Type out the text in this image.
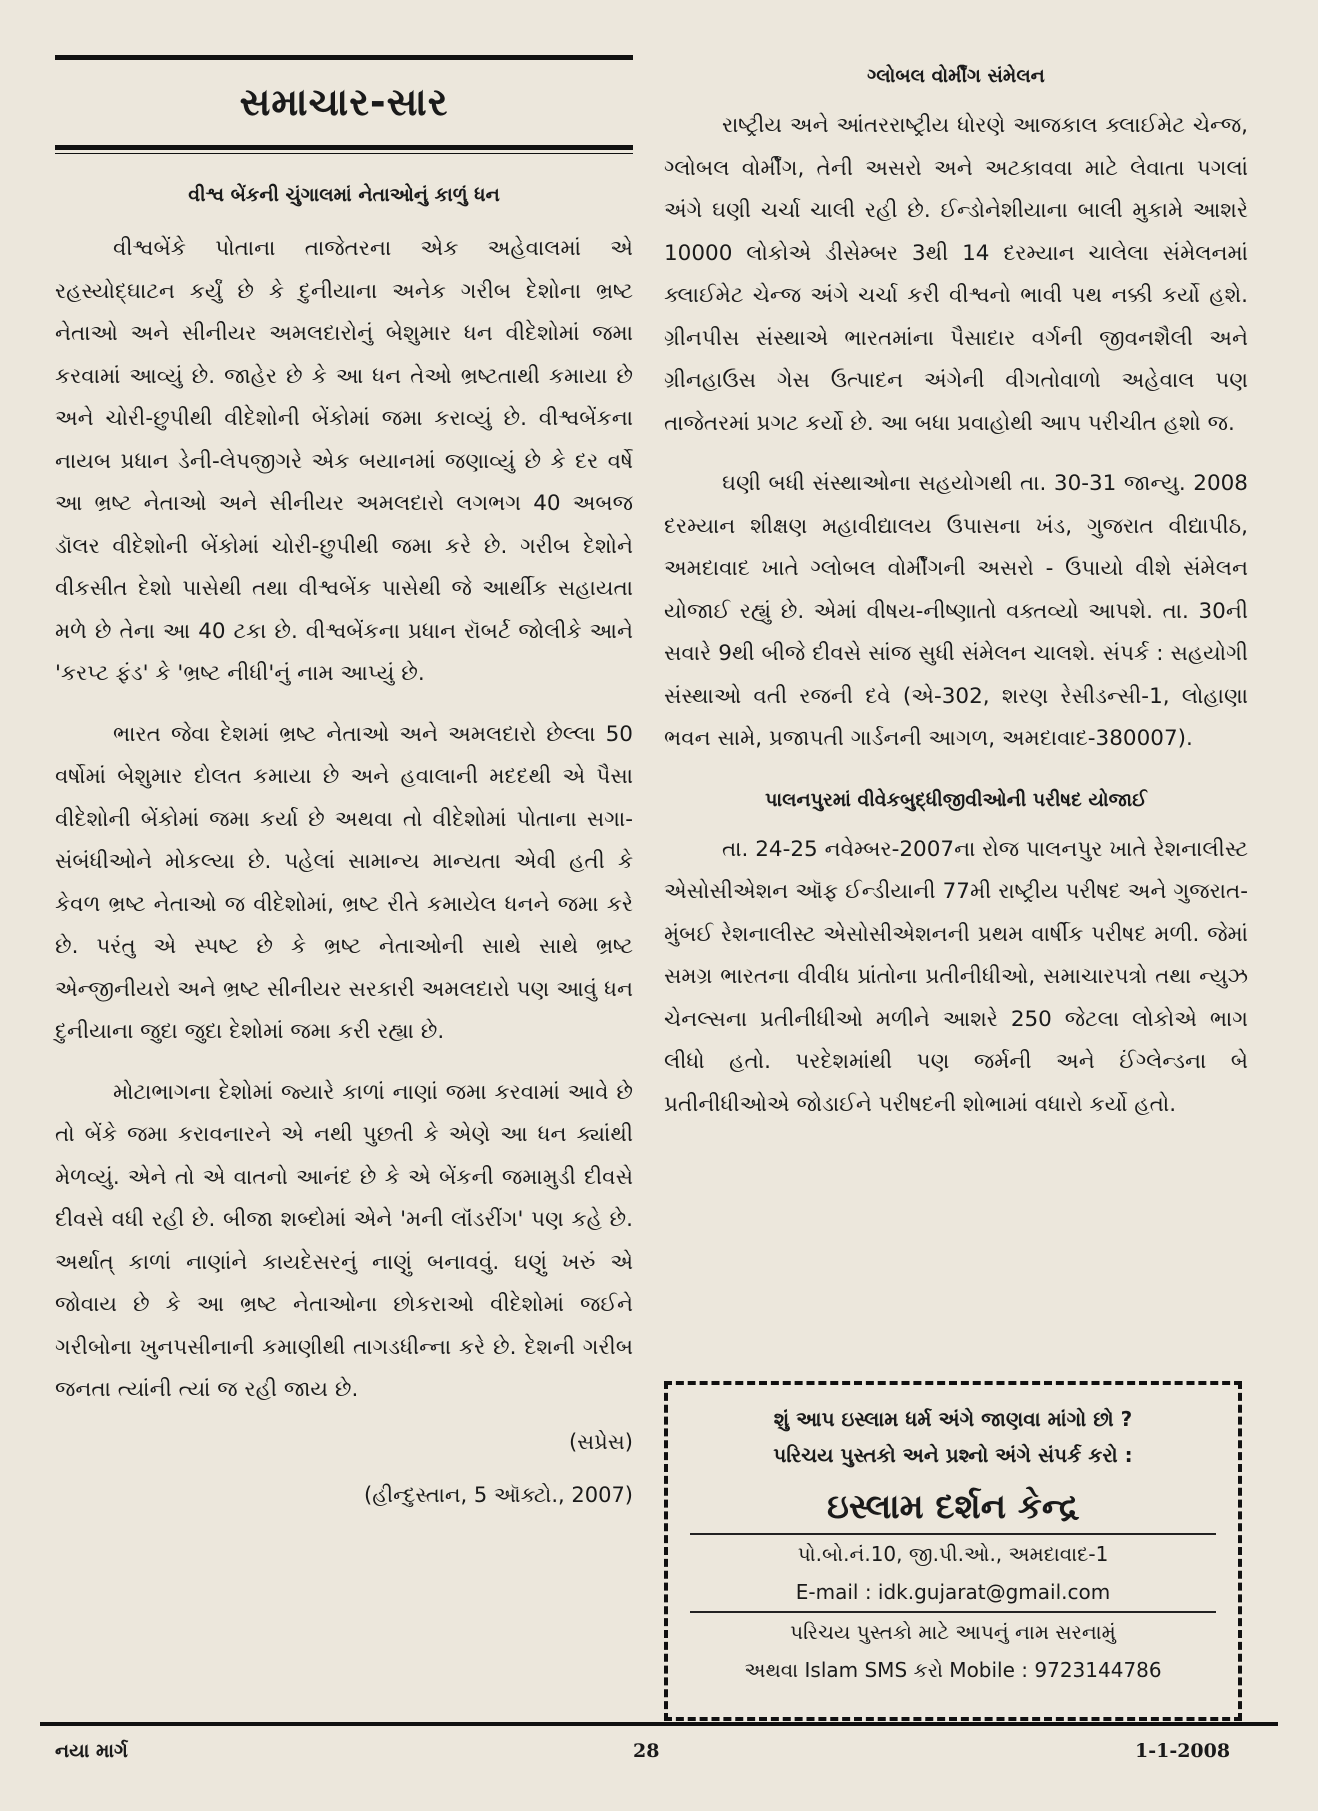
સમાચાર-સાર
વીશ્વ બેંકની ચુંગાલમાં નેતાઓનું કાળું ધન

વીશ્વબેંકે પોતાના તાજેતરના એક અહેવાલમાં એ રહસ્યોદ્ઘાટન કર્યું છે કે દુનીયાના અનેક ગરીબ દેશોના ભ્રષ્ટ નેતાઓ અને સીનીયર અમલદારોનું બેશુમાર ધન વીદેશોમાં જમા કરવામાં આવ્યું છે. જાહેર છે કે આ ધન તેઓ ભ્રષ્ટતાથી કમાયા છે અને ચોરી-છુપીથી વીદેશોની બેંકોમાં જમા કરાવ્યું છે. વીશ્વબેંકના નાયબ પ્રધાન ડેની-લેપજીગરે એક બયાનમાં જણાવ્યું છે કે દર વર્ષે આ ભ્રષ્ટ નેતાઓ અને સીનીયર અમલદારો લગભગ 40 અબજ ડૉલર વીદેશોની બેંકોમાં ચોરી-છુપીથી જમા કરે છે. ગરીબ દેશોને વીકસીત દેશો પાસેથી તથા વીશ્વબેંક પાસેથી જે આર્થીક સહાયતા મળે છે તેના આ 40 ટકા છે. વીશ્વબેંકના પ્રધાન રૉબર્ટ જોલીકે આને 'કરપ્ટ ફંડ' કે 'ભ્રષ્ટ નીધી'નું નામ આપ્યું છે.

ભારત જેવા દેશમાં ભ્રષ્ટ નેતાઓ અને અમલદારો છેલ્લા 50 વર્ષોમાં બેશુમાર દોલત કમાયા છે અને હવાલાની મદદથી એ પૈસા વીદેશોની બેંકોમાં જમા કર્યા છે અથવા તો વીદેશોમાં પોતાના સગા-સંબંધીઓને મોકલ્યા છે. પહેલાં સામાન્ય માન્યતા એવી હતી કે કેવળ ભ્રષ્ટ નેતાઓ જ વીદેશોમાં, ભ્રષ્ટ રીતે કમાયેલ ધનને જમા કરે છે. પરંતુ એ સ્પષ્ટ છે કે ભ્રષ્ટ નેતાઓની સાથે સાથે ભ્રષ્ટ એન્જીનીયરો અને ભ્રષ્ટ સીનીયર સરકારી અમલદારો પણ આવું ધન દુનીયાના જુદા જુદા દેશોમાં જમા કરી રહ્યા છે.

મોટાભાગના દેશોમાં જ્યારે કાળાં નાણાં જમા કરવામાં આવે છે તો બેંકે જમા કરાવનારને એ નથી પુછતી કે એણે આ ધન ક્યાંથી મેળવ્યું. એને તો એ વાતનો આનંદ છે કે એ બેંકની જમામુડી દીવસે દીવસે વધી રહી છે. બીજા શબ્દોમાં એને 'મની લૉંડરીંગ' પણ કહે છે. અર્થાત્ કાળાં નાણાંને કાયદેસરનું નાણું બનાવવું. ઘણું ખરું એ જોવાય છે કે આ ભ્રષ્ટ નેતાઓના છોકરાઓ વીદેશોમાં જઈને ગરીબોના ખુનપસીનાની કમાણીથી તાગડધીન્ના કરે છે. દેશની ગરીબ જનતા ત્યાંની ત્યાં જ રહી જાય છે.

(સપ્રેસ)
(હીન્દુસ્તાન, 5 ઑક્ટો., 2007)
ગ્લોબલ વોર્મીંગ સંમેલન

રાષ્ટ્રીય અને આંતરરાષ્ટ્રીય ધોરણે આજકાલ ક્લાઈમેટ ચેન્જ, ગ્લોબલ વોર્મીંગ, તેની અસરો અને અટકાવવા માટે લેવાતા પગલાં અંગે ઘણી ચર્ચા ચાલી રહી છે. ઈન્ડોનેશીયાના બાલી મુકામે આશરે 10000 લોકોએ ડીસેમ્બર 3થી 14 દરમ્યાન ચાલેલા સંમેલનમાં ક્લાઈમેટ ચેન્જ અંગે ચર્ચા કરી વીશ્વનો ભાવી પથ નક્કી કર્યો હશે. ગ્રીનપીસ સંસ્થાએ ભારતમાંના પૈસાદાર વર્ગની જીવનશૈલી અને ગ્રીનહાઉસ ગેસ ઉત્પાદન અંગેની વીગતોવાળો અહેવાલ પણ તાજેતરમાં પ્રગટ કર્યો છે. આ બધા પ્રવાહોથી આપ પરીચીત હશો જ.

ઘણી બધી સંસ્થાઓના સહયોગથી તા. 30-31 જાન્યુ. 2008 દરમ્યાન શીક્ષણ મહાવીદ્યાલય ઉપાસના ખંડ, ગુજરાત વીદ્યાપીઠ, અમદાવાદ ખાતે ગ્લોબલ વોર્મીંગની અસરો - ઉપાયો વીશે સંમેલન યોજાઈ રહ્યું છે. એમાં વીષય-નીષ્ણાતો વક્તવ્યો આપશે. તા. 30ની સવારે 9થી બીજે દીવસે સાંજ સુધી સંમેલન ચાલશે. સંપર્ક : સહયોગી સંસ્થાઓ વતી રજની દવે (એ-302, શરણ રેસીડન્સી-1, લોહાણા ભવન સામે, પ્રજાપતી ગાર્ડનની આગળ, અમદાવાદ-380007).

પાલનપુરમાં વીવેકબુદ્ધીજીવીઓની પરીષદ યોજાઈ

તા. 24-25 નવેમ્બર-2007ના રોજ પાલનપુર ખાતે રેશનાલીસ્ટ એસોસીએશન ઑફ ઈન્ડીયાની 77મી રાષ્ટ્રીય પરીષદ અને ગુજરાત-મુંબઈ રેશનાલીસ્ટ એસોસીએશનની પ્રથમ વાર્ષીક પરીષદ મળી. જેમાં સમગ્ર ભારતના વીવીધ પ્રાંતોના પ્રતીનીધીઓ, સમાચારપત્રો તથા ન્યુઝ ચેનલ્સના પ્રતીનીધીઓ મળીને આશરે 250 જેટલા લોકોએ ભાગ લીધો હતો. પરદેશમાંથી પણ જર્મની અને ઈંગ્લેન્ડના બે પ્રતીનીધીઓએ જોડાઈને પરીષદની શોભામાં વધારો કર્યો હતો.

શું આપ ઇસ્લામ ધર્મ અંગે જાણવા માંગો છો ?
પરિચય પુસ્તકો અને પ્રશ્નો અંગે સંપર્ક કરો :
ઇસ્લામ દર્શન કેન્દ્ર
પો.બો.નં.10, જી.પી.ઓ., અમદાવાદ-1
E-mail : idk.gujarat@gmail.com
પરિચય પુસ્તકો માટે આપનું નામ સરનામું
અથવા Islam SMS કરો Mobile : 9723144786
નયા માર્ગ	28	1-1-2008
